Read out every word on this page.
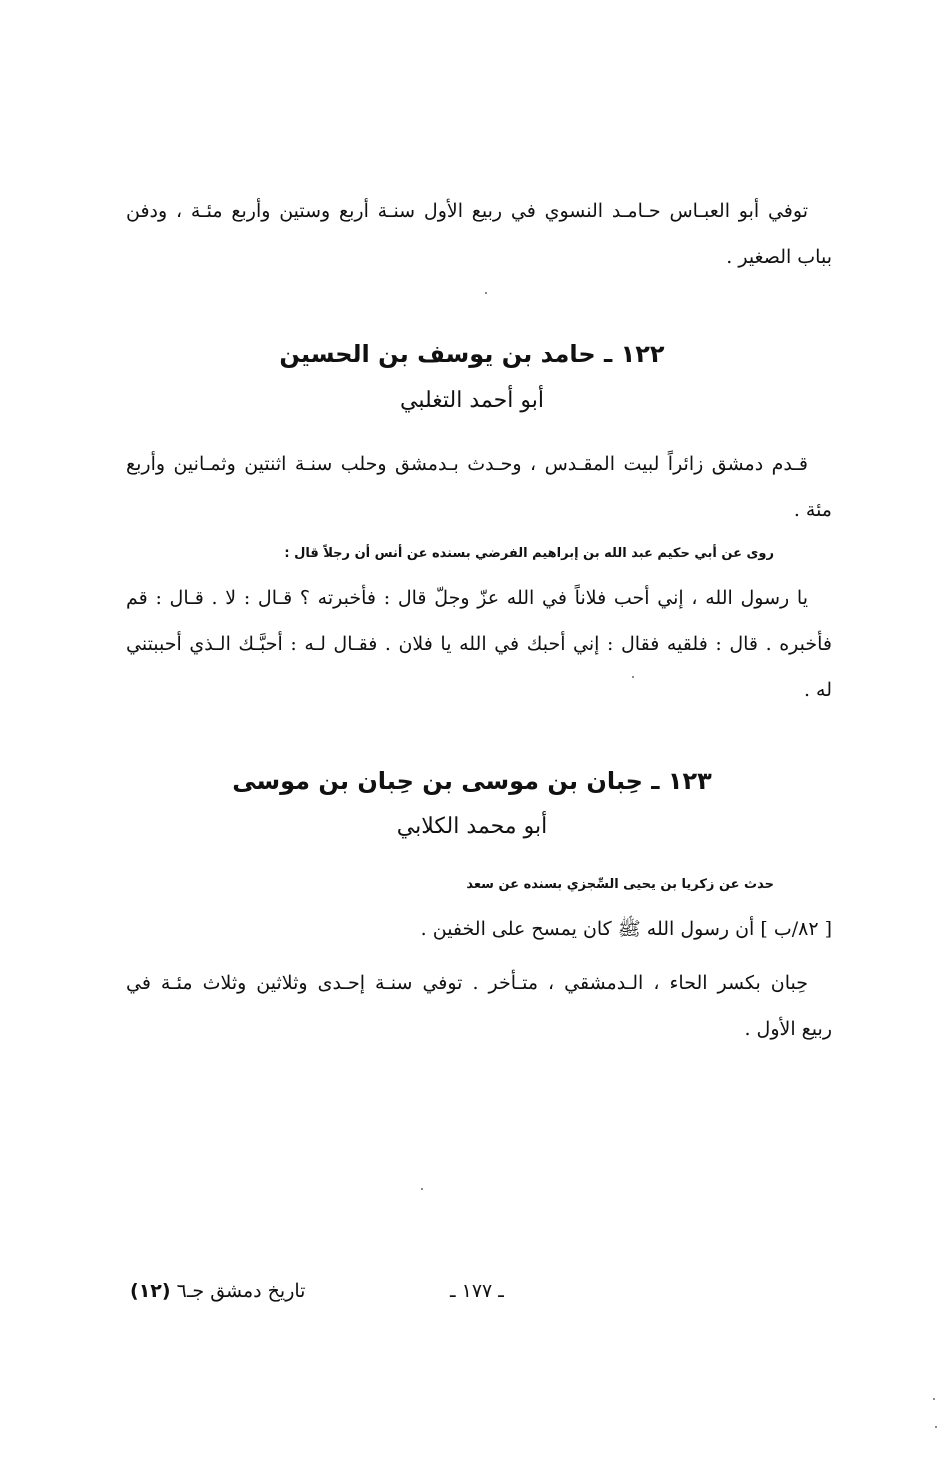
توفي أبو العبـاس حـامـد النسوي في ربيع الأول سنـة أربع وستين وأربع مئـة ، ودفن
بباب الصغير .
١٢٢ ـ حامد بن يوسف بن الحسين
أبو أحمد التغلبي
قـدم دمشق زائراً لبيت المقـدس ، وحـدث بـدمشق وحلب سنـة اثنتين وثمـانين وأربع
مئة .
روى عن أبي حكيم عبد الله بن إبراهيم الفرضي بسنده عن أنس أن رجلاً قال :
يا رسول الله ، إني أحب فلاناً في الله عزّ وجلّ قال : فأخبرته ؟ قـال : لا . قـال : قم
فأخبره . قال : فلقيه فقال : إني أحبك في الله يا فلان . فقـال لـه : أحبَّـك الـذي أحببتني
له .
١٢٣ ـ حِبان بن موسى بن حِبان بن موسى
أبو محمد الكلابي
حدث عن زكريا بن يحيى السِّجزي بسنده عن سعد
[ ٨٢/ب ] أن رسول الله ﷺ كان يمسح على الخفين .
حِبان بكسر الحاء ، الـدمشقي ، متـأخر . توفي سنـة إحـدى وثلاثين وثلاث مئـة في
ربيع الأول .
تاريخ دمشق جـ٦ (١٢)	ـ ١٧٧ ـ
